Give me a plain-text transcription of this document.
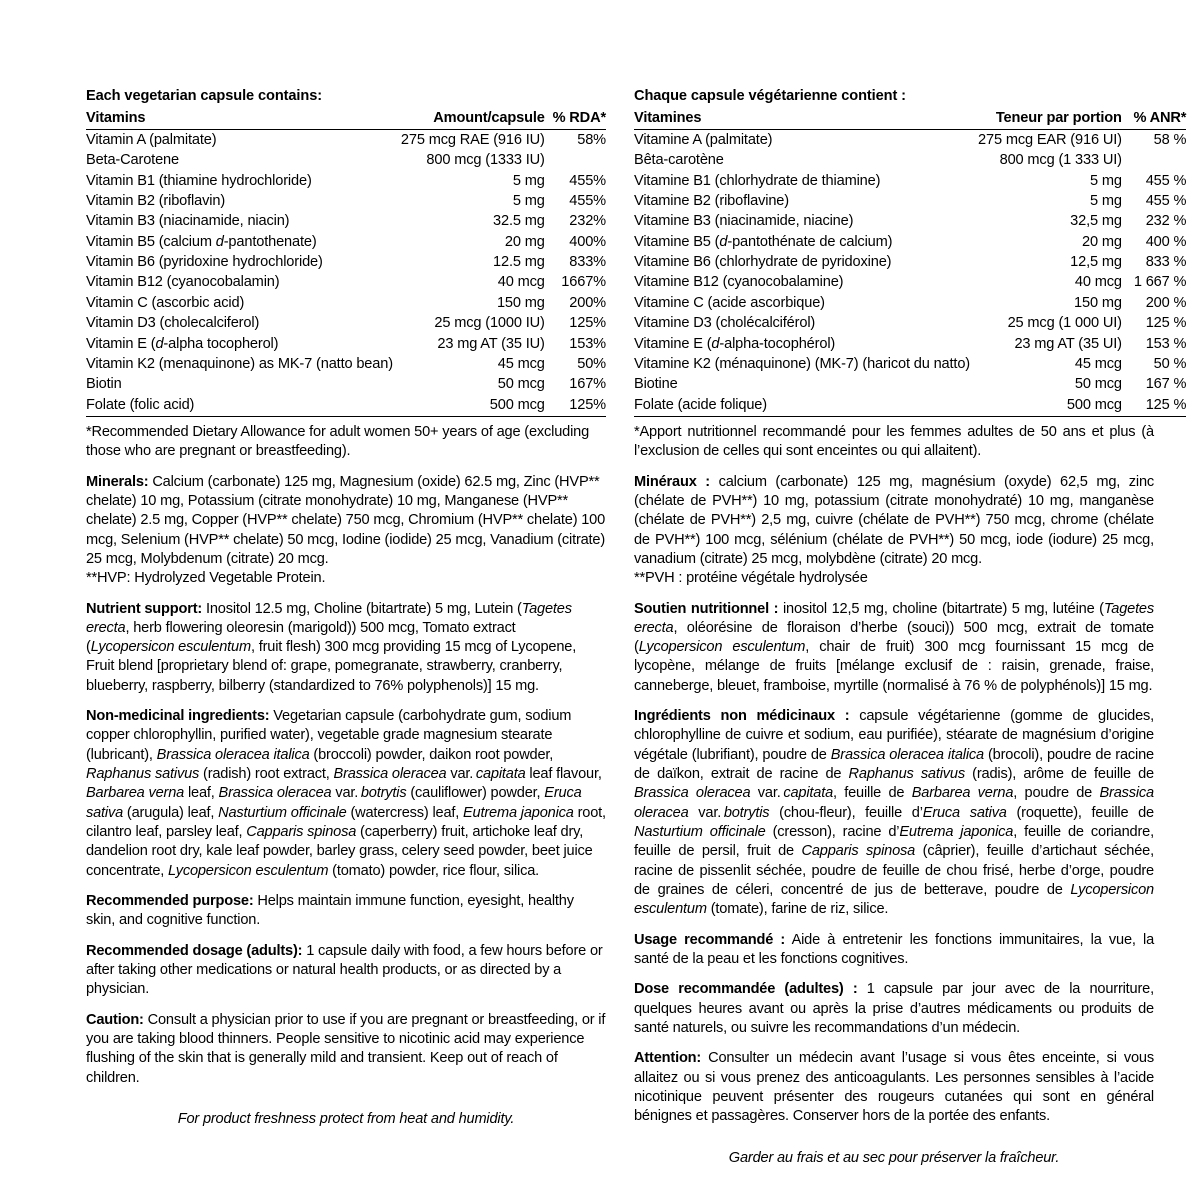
Each vegetarian capsule contains:

Vitamins	Amount/capsule	% RDA*
Vitamin A (palmitate)	275 mcg RAE (916 IU)	58%
Beta-Carotene	800 mcg (1333 IU)	
Vitamin B1 (thiamine hydrochloride)	5 mg	455%
Vitamin B2 (riboflavin)	5 mg	455%
Vitamin B3 (niacinamide, niacin)	32.5 mg	232%
Vitamin B5 (calcium d-pantothenate)	20 mg	400%
Vitamin B6 (pyridoxine hydrochloride)	12.5 mg	833%
Vitamin B12 (cyanocobalamin)	40 mcg	1667%
Vitamin C (ascorbic acid)	150 mg	200%
Vitamin D3 (cholecalciferol)	25 mcg (1000 IU)	125%
Vitamin E (d-alpha tocopherol)	23 mg AT (35 IU)	153%
Vitamin K2 (menaquinone) as MK-7 (natto bean)	45 mcg	50%
Biotin	50 mcg	167%
Folate (folic acid)	500 mcg	125%

*Recommended Dietary Allowance for adult women 50+ years of age (excluding those who are pregnant or breastfeeding).

Minerals: Calcium (carbonate) 125 mg, Magnesium (oxide) 62.5 mg, Zinc (HVP** chelate) 10 mg, Potassium (citrate monohydrate) 10 mg, Manganese (HVP** chelate) 2.5 mg, Copper (HVP** chelate) 750 mcg, Chromium (HVP** chelate) 100 mcg, Selenium (HVP** chelate) 50 mcg, Iodine (iodide) 25 mcg, Vanadium (citrate) 25 mcg, Molybdenum (citrate) 20 mcg.

**HVP: Hydrolyzed Vegetable Protein.

Nutrient support: Inositol 12.5 mg, Choline (bitartrate) 5 mg, Lutein (Tagetes erecta, herb flowering oleoresin (marigold)) 500 mcg, Tomato extract (Lycopersicon esculentum, fruit flesh) 300 mcg providing 15 mcg of Lycopene, Fruit blend [proprietary blend of: grape, pomegranate, strawberry, cranberry, blueberry, raspberry, bilberry (standardized to 76% polyphenols)] 15 mg.

Non-medicinal ingredients: Vegetarian capsule (carbohydrate gum, sodium copper chlorophyllin, purified water), vegetable grade magnesium stearate (lubricant), Brassica oleracea italica (broccoli) powder, daikon root powder, Raphanus sativus (radish) root extract, Brassica oleracea var. capitata leaf flavour, Barbarea verna leaf, Brassica oleracea var. botrytis (cauliflower) powder, Eruca sativa (arugula) leaf, Nasturtium officinale (watercress) leaf, Eutrema japonica root, cilantro leaf, parsley leaf, Capparis spinosa (caperberry) fruit, artichoke leaf dry, dandelion root dry, kale leaf powder, barley grass, celery seed powder, beet juice concentrate, Lycopersicon esculentum (tomato) powder, rice flour, silica.

Recommended purpose: Helps maintain immune function, eyesight, healthy skin, and cognitive function.

Recommended dosage (adults): 1 capsule daily with food, a few hours before or after taking other medications or natural health products, or as directed by a physician.

Caution: Consult a physician prior to use if you are pregnant or breastfeeding, or if you are taking blood thinners. People sensitive to nicotinic acid may experience flushing of the skin that is generally mild and transient. Keep out of reach of children.

For product freshness protect from heat and humidity.

Chaque capsule végétarienne contient :

Vitamines	Teneur par portion	% ANR*
Vitamine A (palmitate)	275 mcg EAR (916 UI)	58 %
Bêta-carotène	800 mcg (1 333 UI)	
Vitamine B1 (chlorhydrate de thiamine)	5 mg	455 %
Vitamine B2 (riboflavine)	5 mg	455 %
Vitamine B3 (niacinamide, niacine)	32,5 mg	232 %
Vitamine B5 (d-pantothénate de calcium)	20 mg	400 %
Vitamine B6 (chlorhydrate de pyridoxine)	12,5 mg	833 %
Vitamine B12 (cyanocobalamine)	40 mcg	1 667 %
Vitamine C (acide ascorbique)	150 mg	200 %
Vitamine D3 (cholécalciférol)	25 mcg (1 000 UI)	125 %
Vitamine E (d-alpha-tocophérol)	23 mg AT (35 UI)	153 %
Vitamine K2 (ménaquinone) (MK-7) (haricot du natto)	45 mcg	50 %
Biotine	50 mcg	167 %
Folate (acide folique)	500 mcg	125 %

*Apport nutritionnel recommandé pour les femmes adultes de 50 ans et plus (à l’exclusion de celles qui sont enceintes ou qui allaitent).

Minéraux : calcium (carbonate) 125 mg, magnésium (oxyde) 62,5 mg, zinc (chélate de PVH**) 10 mg, potassium (citrate monohydraté) 10 mg, manganèse (chélate de PVH**) 2,5 mg, cuivre (chélate de PVH**) 750 mcg, chrome (chélate de PVH**) 100 mcg, sélénium (chélate de PVH**) 50 mcg, iode (iodure) 25 mcg, vanadium (citrate) 25 mcg, molybdène (citrate) 20 mcg.

**PVH : protéine végétale hydrolysée

Soutien nutritionnel : inositol 12,5 mg, choline (bitartrate) 5 mg, lutéine (Tagetes erecta, oléorésine de floraison d’herbe (souci)) 500 mcg, extrait de tomate (Lycopersicon esculentum, chair de fruit) 300 mcg fournissant 15 mcg de lycopène, mélange de fruits [mélange exclusif de : raisin, grenade, fraise, canneberge, bleuet, framboise, myrtille (normalisé à 76 % de polyphénols)] 15 mg.

Ingrédients non médicinaux : capsule végétarienne (gomme de glucides, chlorophylline de cuivre et sodium, eau purifiée), stéarate de magnésium d’origine végétale (lubrifiant), poudre de Brassica oleracea italica (brocoli), poudre de racine de daïkon, extrait de racine de Raphanus sativus (radis), arôme de feuille de Brassica oleracea var. capitata, feuille de Barbarea verna, poudre de Brassica oleracea var. botrytis (chou-fleur), feuille d’Eruca sativa (roquette), feuille de Nasturtium officinale (cresson), racine d’Eutrema japonica, feuille de coriandre, feuille de persil, fruit de Capparis spinosa (câprier), feuille d’artichaut séchée, racine de pissenlit séchée, poudre de feuille de chou frisé, herbe d’orge, poudre de graines de céleri, concentré de jus de betterave, poudre de Lycopersicon esculentum (tomate), farine de riz, silice.

Usage recommandé : Aide à entretenir les fonctions immunitaires, la vue, la santé de la peau et les fonctions cognitives.

Dose recommandée (adultes) : 1 capsule par jour avec de la nourriture, quelques heures avant ou après la prise d’autres médicaments ou produits de santé naturels, ou suivre les recommandations d’un médecin.

Attention: Consulter un médecin avant l’usage si vous êtes enceinte, si vous allaitez ou si vous prenez des anticoagulants. Les personnes sensibles à l’acide nicotinique peuvent présenter des rougeurs cutanées qui sont en général bénignes et passagères. Conserver hors de la portée des enfants.

Garder au frais et au sec pour préserver la fraîcheur.
